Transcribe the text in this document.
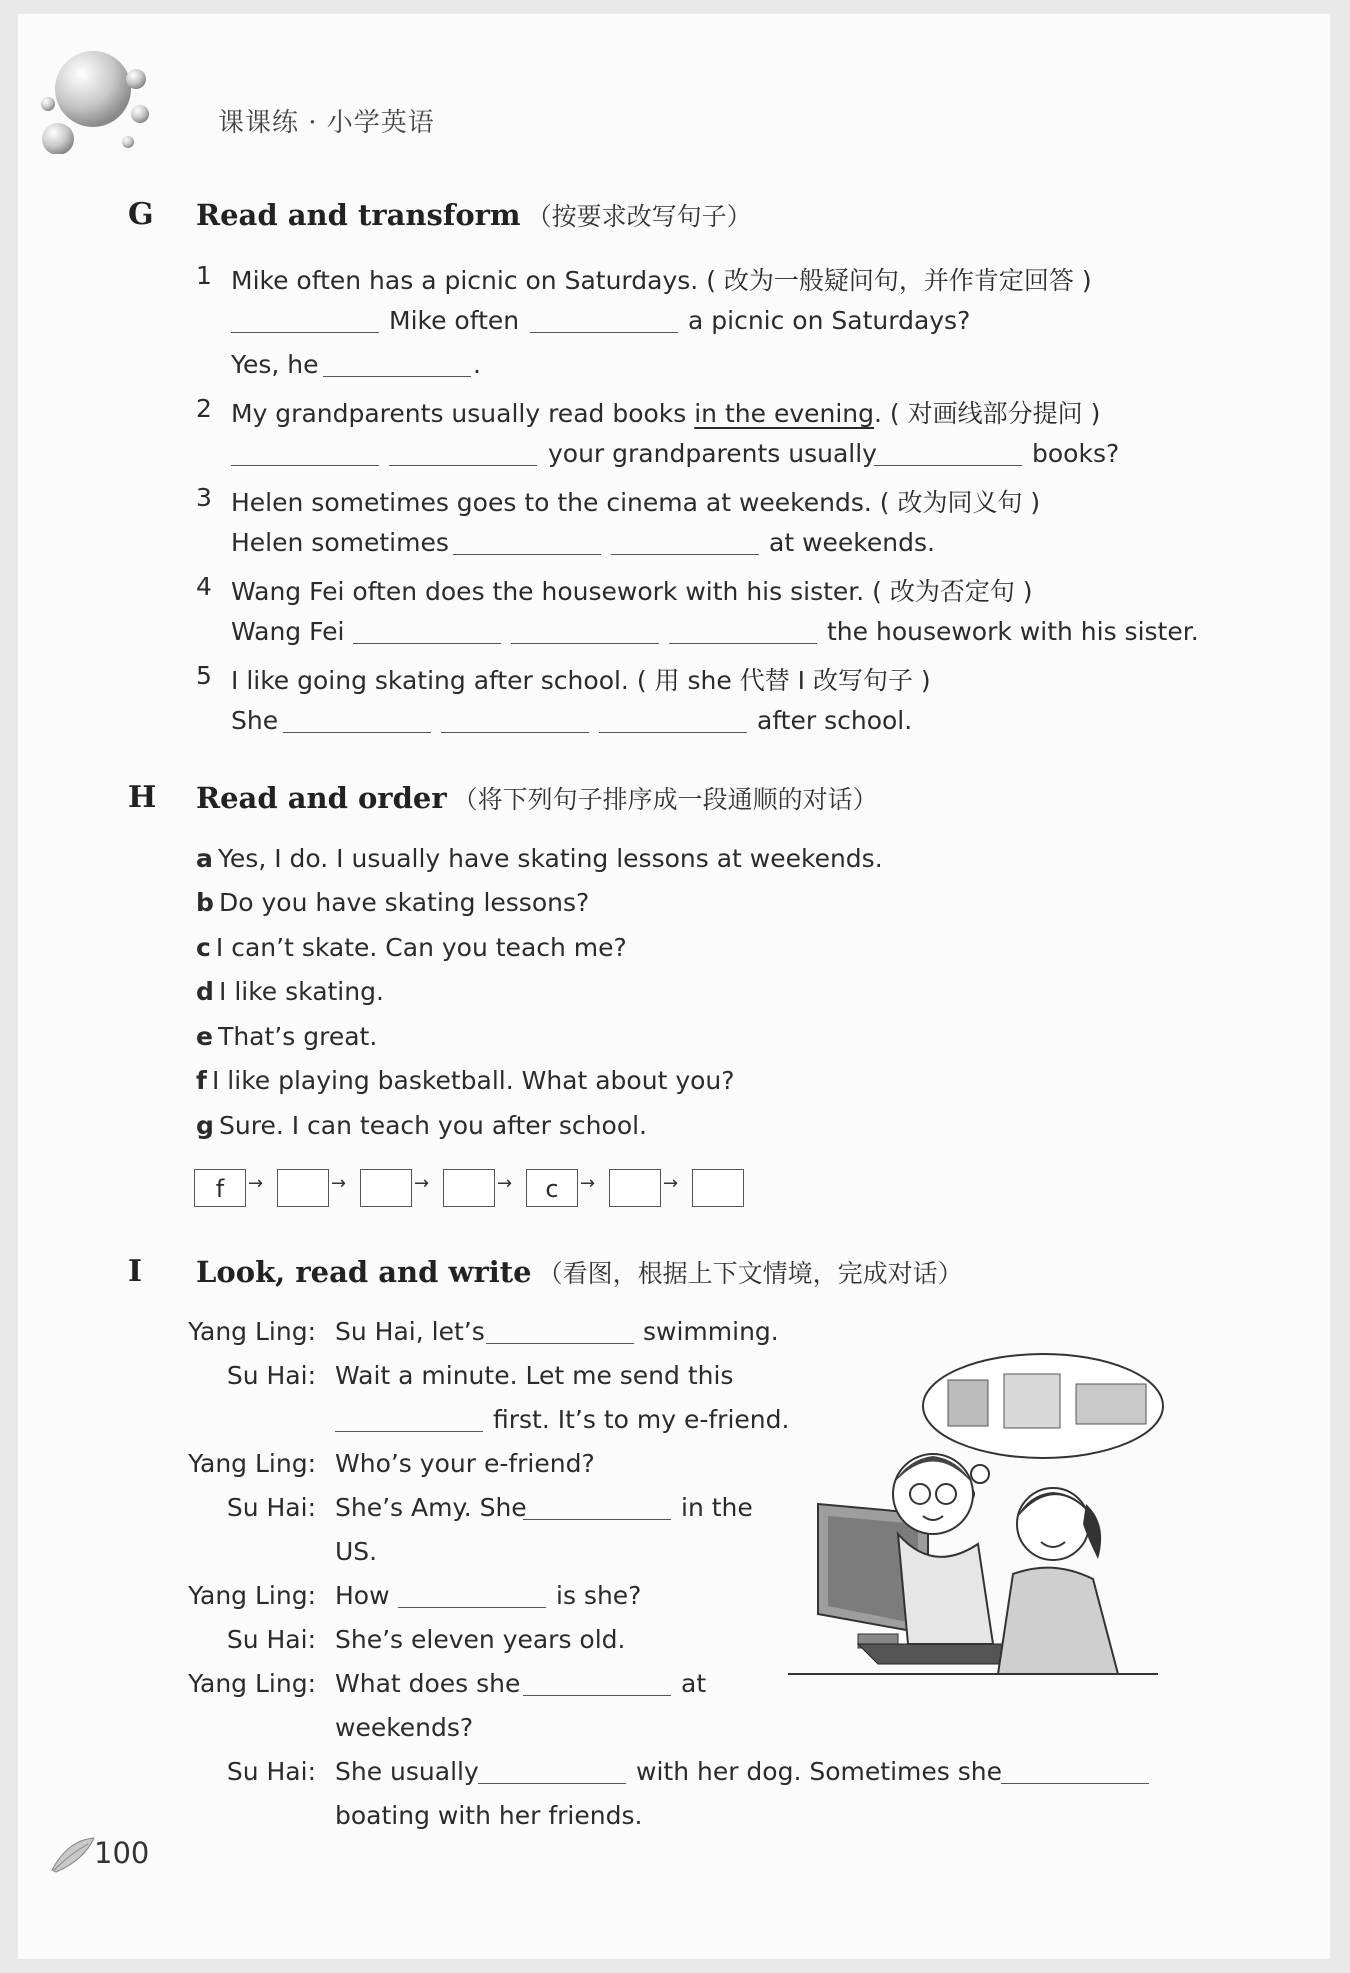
课课练 · 小学英语
G Read and transform （按要求改写句子）
1 Mike often has a picnic on Saturdays. ( 改为一般疑问句，并作肯定回答 )
Mike often	a picnic on Saturdays?
Yes, he	.
2 My grandparents usually read books in the evening. ( 对画线部分提问 )
your grandparents usually	books?
3 Helen sometimes goes to the cinema at weekends. ( 改为同义句 )
Helen sometimes	at weekends.
4 Wang Fei often does the housework with his sister. ( 改为否定句 )
Wang Fei	the housework with his sister.
5 I like going skating after school. ( 用 she 代替 I 改写句子 )
She	after school.
H Read and order （将下列句子排序成一段通顺的对话）
a Yes, I do. I usually have skating lessons at weekends.
b Do you have skating lessons?
c I can’t skate. Can you teach me?
d I like skating.
e That’s great.
f I like playing basketball. What about you?
g Sure. I can teach you after school.
f	→	→	→	→	c	→	→
I Look, read and write （看图，根据上下文情境，完成对话）
Yang Ling: Su Hai, let’s	swimming.
Su Hai: Wait a minute. Let me send this
first. It’s to my e-friend.
Yang Ling: Who’s your e-friend?
Su Hai: She’s Amy. She	in the
US.
Yang Ling: How	is she?
Su Hai: She’s eleven years old.
Yang Ling: What does she	at
weekends?
Su Hai: She usually	with her dog. Sometimes she
boating with her friends.
100
